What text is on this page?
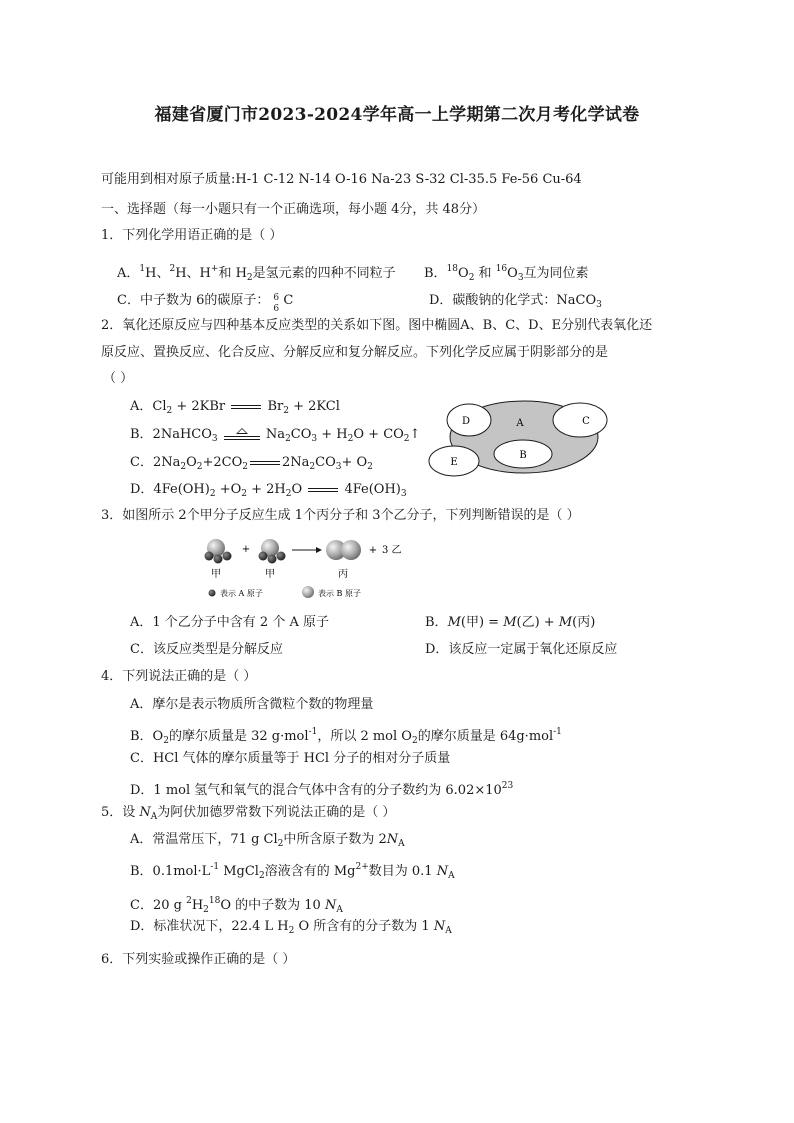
福建省厦门市2023-2024学年高一上学期第二次月考化学试卷
可能用到相对原子质量:H-1 C-12 N-14 O-16 Na-23 S-32 Cl-35.5 Fe-56 Cu-64
一、选择题（每一小题只有一个正确选项，每小题 4分，共 48分）
1．下列化学用语正确的是（ ）
A．$^1$H、$^2$H、H+和 $H_2$是氢元素的四种不同粒子 B．$^{18}O_2$ 和 $^{16}O_3$互为同位素
C．中子数为 6的碳原子： 6
6
C	D．碳酸钠的化学式：NaCO$_3$
2．氧化还原反应与四种基本反应类型的关系如下图。图中椭圆A、B、C、D、E分别代表氧化还
原反应、置换反应、化合反应、分解反应和复分解反应。下列化学反应属于阴影部分的是
（ ）
A．$Cl_2 + 2KBr$	$Br_2 + 2KCl$
B．2NaHCO$_3$	$Na_2CO_3 + H_2O$ + $CO_2↑$
C．$2Na_2O_2+2CO_2$	$2Na_2CO_3+ O_2$
D．$4Fe(OH)_2 +O_2 + 2H_2O$	$4Fe(OH)_3$
A
B
C
D
E
3．如图所示 2个甲分子反应生成 1个丙分子和 3个乙分子，下列判断错误的是（ ）
+	+ 3 乙
甲	甲	丙
表示 A 原子	表示 B 原子
A．1 个乙分子中含有 2 个 A 原子	B．M(甲) = M(乙) + M(丙)
C．该反应类型是分解反应	D．该反应一定属于氧化还原反应
4．下列说法正确的是（ ）
A．摩尔是表示物质所含微粒个数的物理量
B．$O_2$的摩尔质量是 32 g·mol$^{-1}$，所以 2 mol $O_2$的摩尔质量是 64g·mol$^{-1}$
C．HCl 气体的摩尔质量等于 HCl 分子的相对分子质量
D．1 mol 氢气和氧气的混合气体中含有的分子数约为 $6.02\times 10^{23}$
5．设 $N_A$为阿伏加德罗常数下列说法正确的是（ ）
A．常温常压下，71 g $Cl_2$中所含原子数为 $2N_A$
B．$0.1mol\cdot L^{-1}$ MgCl$_2$溶液含有的 $Mg^{2+}$数目为 0.1 $N_A$
C．20 g $^2H_2^{18}O$ 的中子数为 10 $N_A$
D．标准状况下，22.4 L $H_2$ O 所含有的分子数为 1 $N_A$
6．下列实验或操作正确的是（ ）
